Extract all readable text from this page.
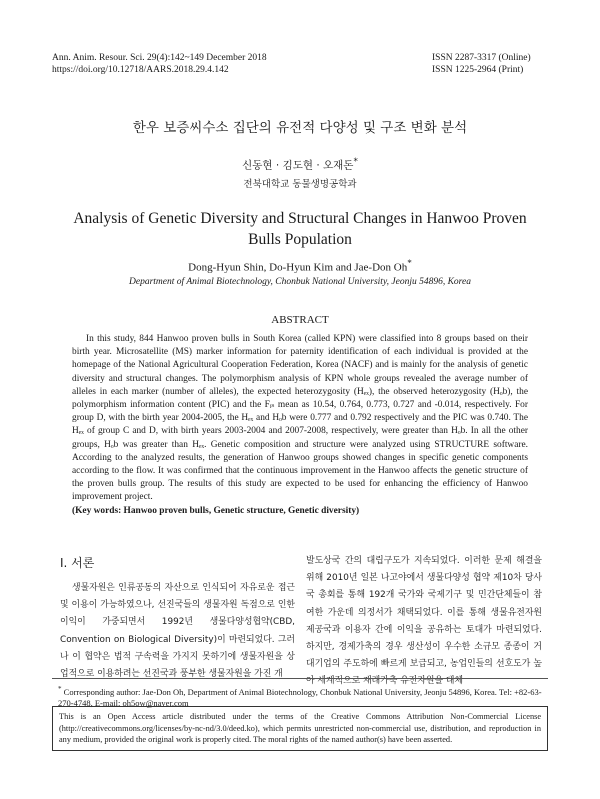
Ann. Anim. Resour. Sci. 29(4):142~149 December 2018
https://doi.org/10.12718/AARS.2018.29.4.142
ISSN 2287-3317 (Online)
ISSN 1225-2964 (Print)
한우 보증씨수소 집단의 유전적 다양성 및 구조 변화 분석
신동현 · 김도현 · 오재돈*
전북대학교 동물생명공학과
Analysis of Genetic Diversity and Structural Changes in Hanwoo Proven Bulls Population
Dong-Hyun Shin, Do-Hyun Kim and Jae-Don Oh*
Department of Animal Biotechnology, Chonbuk National University, Jeonju 54896, Korea
ABSTRACT

In this study, 844 Hanwoo proven bulls in South Korea (called KPN) were classified into 8 groups based on their birth year. Microsatellite (MS) marker information for paternity identification of each individual is provided at the homepage of the National Agricultural Cooperation Federation, Korea (NACF) and is mainly for the analysis of genetic diversity and structural changes. The polymorphism analysis of KPN whole groups revealed the average number of alleles in each marker (number of alleles), the expected heterozygosity (Hₑₓ), the observed heterozygosity (Hₒb), the polymorphism information content (PIC) and the Fᵢₛ mean as 10.54, 0.764, 0.773, 0.727 and -0.014, respectively. For group D, with the birth year 2004-2005, the Hₑₓ and Hₒb were 0.777 and 0.792 respectively and the PIC was 0.740. The Hₑₓ of group C and D, with birth years 2003-2004 and 2007-2008, respectively, were greater than Hₒb. In all the other groups, Hₒb was greater than Hₑₓ. Genetic composition and structure were analyzed using STRUCTURE software. According to the analyzed results, the generation of Hanwoo groups showed changes in specific genetic components according to the flow. It was confirmed that the continuous improvement in the Hanwoo affects the genetic structure of the proven bulls group. The results of this study are expected to be used for enhancing the efficiency of Hanwoo improvement project.
(Key words: Hanwoo proven bulls, Genetic structure, Genetic diversity)

Ⅰ. 서론

생물자원은 인류공동의 자산으로 인식되어 자유로운 접근 및 이용이 가능하였으나, 선진국들의 생물자원 독점으로 인한 이익이 가중되면서 1992년 생물다양성협약(CBD, Convention on Biological Diversity)이 마련되었다. 그러나 이 협약은 법적 구속력을 가지지 못하기에 생물자원을 상업적으로 이용하려는 선진국과 풍부한 생물자원을 가진 개

발도상국 간의 대립구도가 지속되었다. 이러한 문제 해결을 위해 2010년 일본 나고야에서 생물다양성 협약 제10차 당사국 총회를 통해 192개 국가와 국제기구 및 민간단체들이 참여한 가운데 의정서가 채택되었다. 이를 통해 생물유전자원 제공국과 이용자 간에 이익을 공유하는 토대가 마련되었다. 하지만, 경제가축의 경우 생산성이 우수한 소규모 종종이 거대기업의 주도하에 빠르게 보급되고, 농업인들의 선호도가 높아 세계적으로 재래가축 유전자원을 대체

* Corresponding author: Jae-Don Oh, Department of Animal Biotechnology, Chonbuk National University, Jeonju 54896, Korea. Tel: +82-63-270-4748, E-mail: oh5ow@naver.com

This is an Open Access article distributed under the terms of the Creative Commons Attribution Non-Commercial License (http://creativecommons.org/licenses/by-nc-nd/3.0/deed.ko), which permits unrestricted non-commercial use, distribution, and reproduction in any medium, provided the original work is properly cited. The moral rights of the named author(s) have been asserted.
